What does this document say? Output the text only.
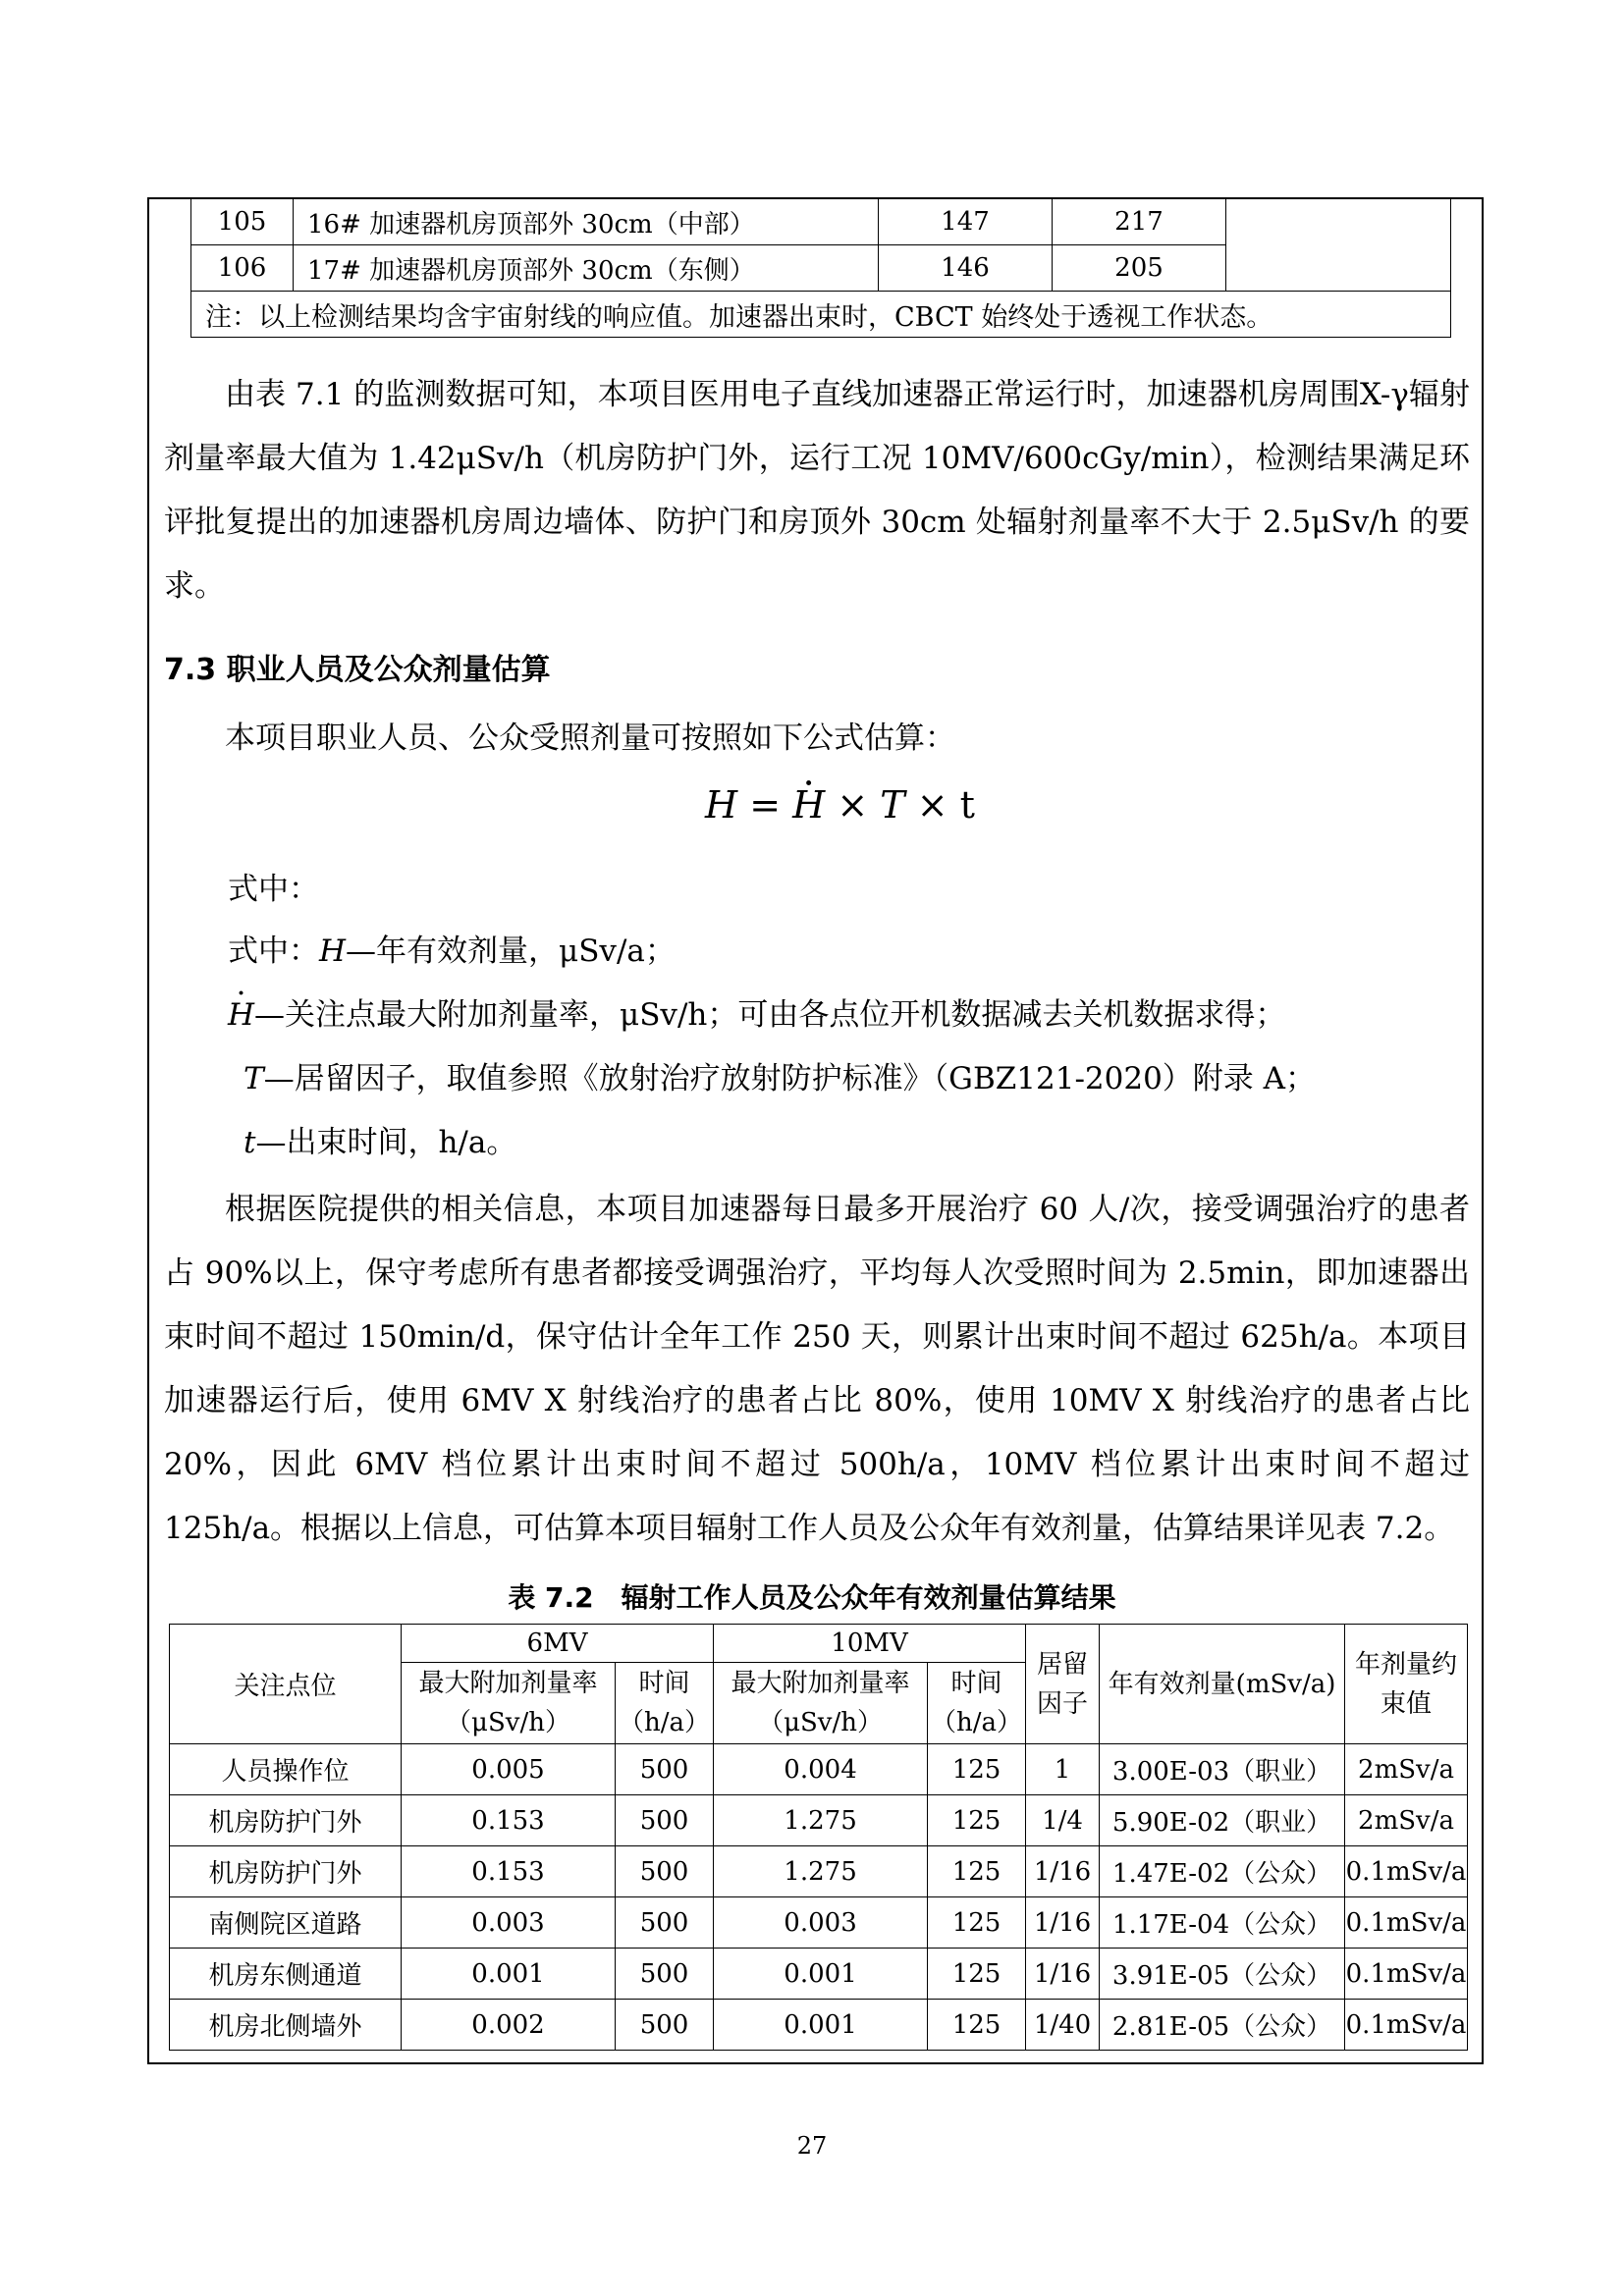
105	16# 加速器机房顶部外 30cm（中部）	147	217	
106	17# 加速器机房顶部外 30cm（东侧）	146	205	
注：以上检测结果均含宇宙射线的响应值。加速器出束时，CBCT 始终处于透视工作状态。				

由表 7.1 的监测数据可知，本项目医用电子直线加速器正常运行时，加速器机房周围X-γ辐射剂量率最大值为 1.42μSv/h（机房防护门外，运行工况 10MV/600cGy/min），检测结果满足环评批复提出的加速器机房周边墙体、防护门和房顶外 30cm 处辐射剂量率不大于 2.5μSv/h 的要求。

7.3 职业人员及公众剂量估算

本项目职业人员、公众受照剂量可按照如下公式估算：

H = · H × T × t

式中：

式中：H—年有效剂量，μSv/a；

· H—关注点最大附加剂量率，μSv/h；可由各点位开机数据减去关机数据求得；

T—居留因子，取值参照《放射治疗放射防护标准》（GBZ121-2020）附录 A；

t—出束时间，h/a。

根据医院提供的相关信息，本项目加速器每日最多开展治疗 60 人/次，接受调强治疗的患者占 90%以上，保守考虑所有患者都接受调强治疗，平均每人次受照时间为 2.5min，即加速器出束时间不超过 150min/d，保守估计全年工作 250 天，则累计出束时间不超过 625h/a。本项目加速器运行后，使用 6MV X 射线治疗的患者占比 80%，使用 10MV X 射线治疗的患者占比 20%，因此 6MV 档位累计出束时间不超过 500h/a，10MV 档位累计出束时间不超过 125h/a。根据以上信息，可估算本项目辐射工作人员及公众年有效剂量，估算结果详见表 7.2。

表 7.2　辐射工作人员及公众年有效剂量估算结果

关注点位	6MV		10MV		居留因子	年有效剂量(mSv/a)	年剂量约束值
	最大附加剂量率（μSv/h）	时间（h/a）	最大附加剂量率（μSv/h）	时间（h/a）			
人员操作位	0.005	500	0.004	125	1	3.00E-03（职业）	2mSv/a
机房防护门外	0.153	500	1.275	125	1/4	5.90E-02（职业）	2mSv/a
机房防护门外	0.153	500	1.275	125	1/16	1.47E-02（公众）	0.1mSv/a
南侧院区道路	0.003	500	0.003	125	1/16	1.17E-04（公众）	0.1mSv/a
机房东侧通道	0.001	500	0.001	125	1/16	3.91E-05（公众）	0.1mSv/a
机房北侧墙外	0.002	500	0.001	125	1/40	2.81E-05（公众）	0.1mSv/a
27
